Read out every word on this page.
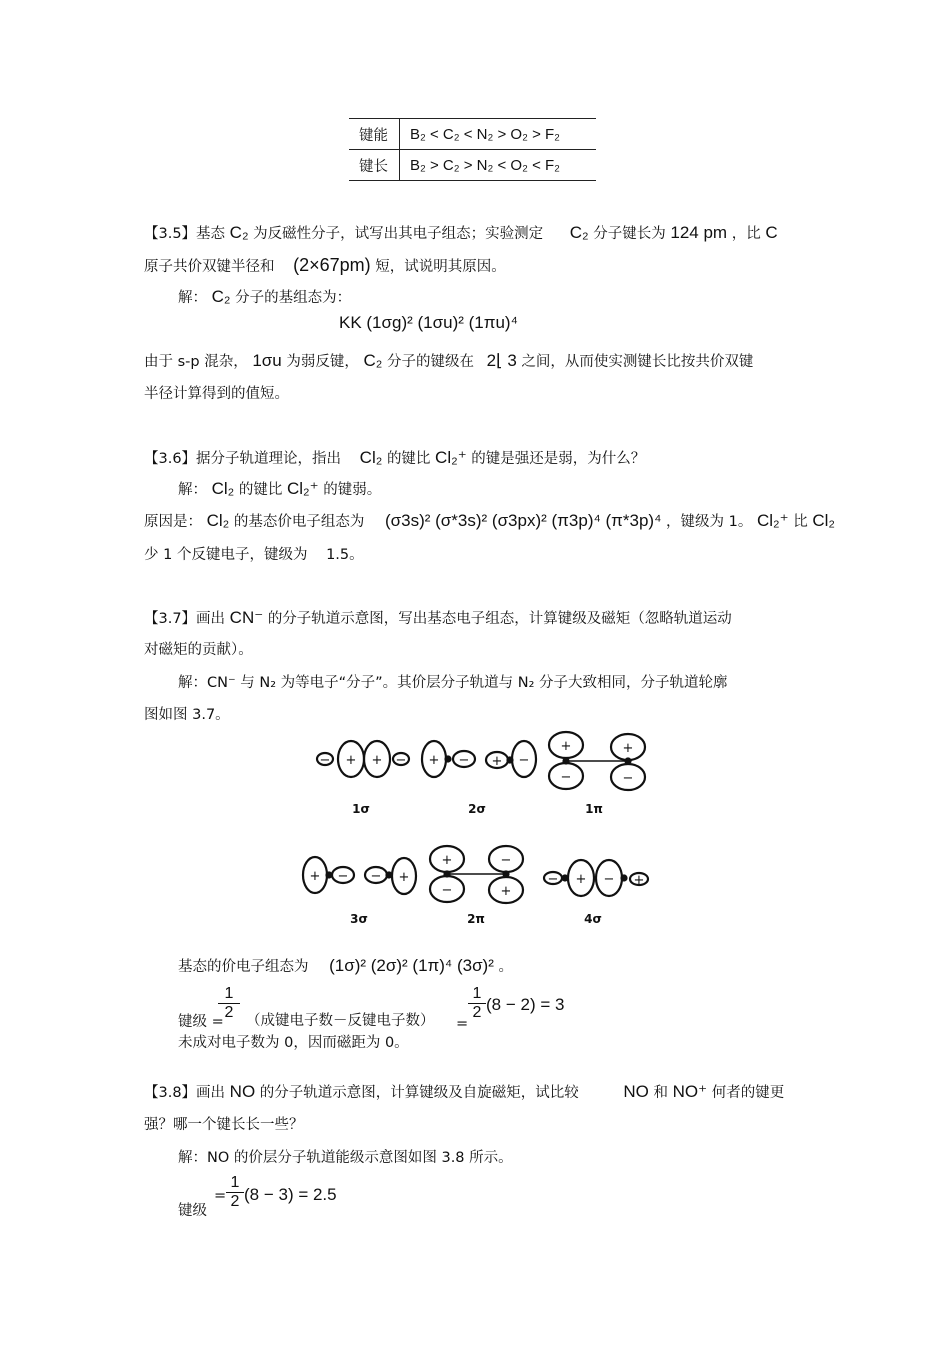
键能	B₂ < C₂ < N₂ > O₂ > F₂
键长	B₂ > C₂ > N₂ < O₂ < F₂
【3.5】基态 C₂ 为反磁性分子，试写出其电子组态；实验测定 C₂ 分子键长为 124 pm ，比 C
原子共价双键半径和 (2×67pm) 短，试说明其原因。
解： C₂ 分子的基组态为：
KK (1σg)² (1σu)² (1πu)⁴
由于 s-p 混杂， 1σu 为弱反键， C₂ 分子的键级在 2⌊ 3 之间，从而使实测键长比按共价双键
半径计算得到的值短。
【3.6】据分子轨道理论，指出 Cl₂ 的键比 Cl₂⁺ 的键是强还是弱，为什么？
解： Cl₂ 的键比 Cl₂⁺ 的键弱。
原因是： Cl₂ 的基态价电子组态为 (σ3s)² (σ*3s)² (σ3px)² (π3p)⁴ (π*3p)⁴ ，键级为 1。 Cl₂⁺ 比 Cl₂
少 1 个反键电子，键级为 1.5。
【3.7】画出 CN⁻ 的分子轨道示意图，写出基态电子组态，计算键级及磁矩（忽略轨道运动
对磁矩的贡献）。
解：CN⁻ 与 N₂ 为等电子“分子”。其价层分子轨道与 N₂ 分子大致相同，分子轨道轮廓
图如图 3.7。
− + + − + − + −
+
−
+
−
+ − − +
+
−
−
+
− + − +
1σ	2σ	1π
3σ	2π	4σ
基态的价电子组态为 (1σ)² (2σ)² (1π)⁴ (3σ)² 。
$\frac{1}{2}$
键级 = （成键电子数－反键电子数） =
$\frac{1}{2} (8 - 2) = 3$
未成对电子数为 0，因而磁距为 0。
【3.8】画出 NO 的分子轨道示意图，计算键级及自旋磁矩，试比较	NO 和 NO⁺ 何者的键更
强？哪一个键长长一些？
解：NO 的价层分子轨道能级示意图如图 3.8 所示。
= $\frac{1}{2} (8 - 3) = 2.5$
键级
